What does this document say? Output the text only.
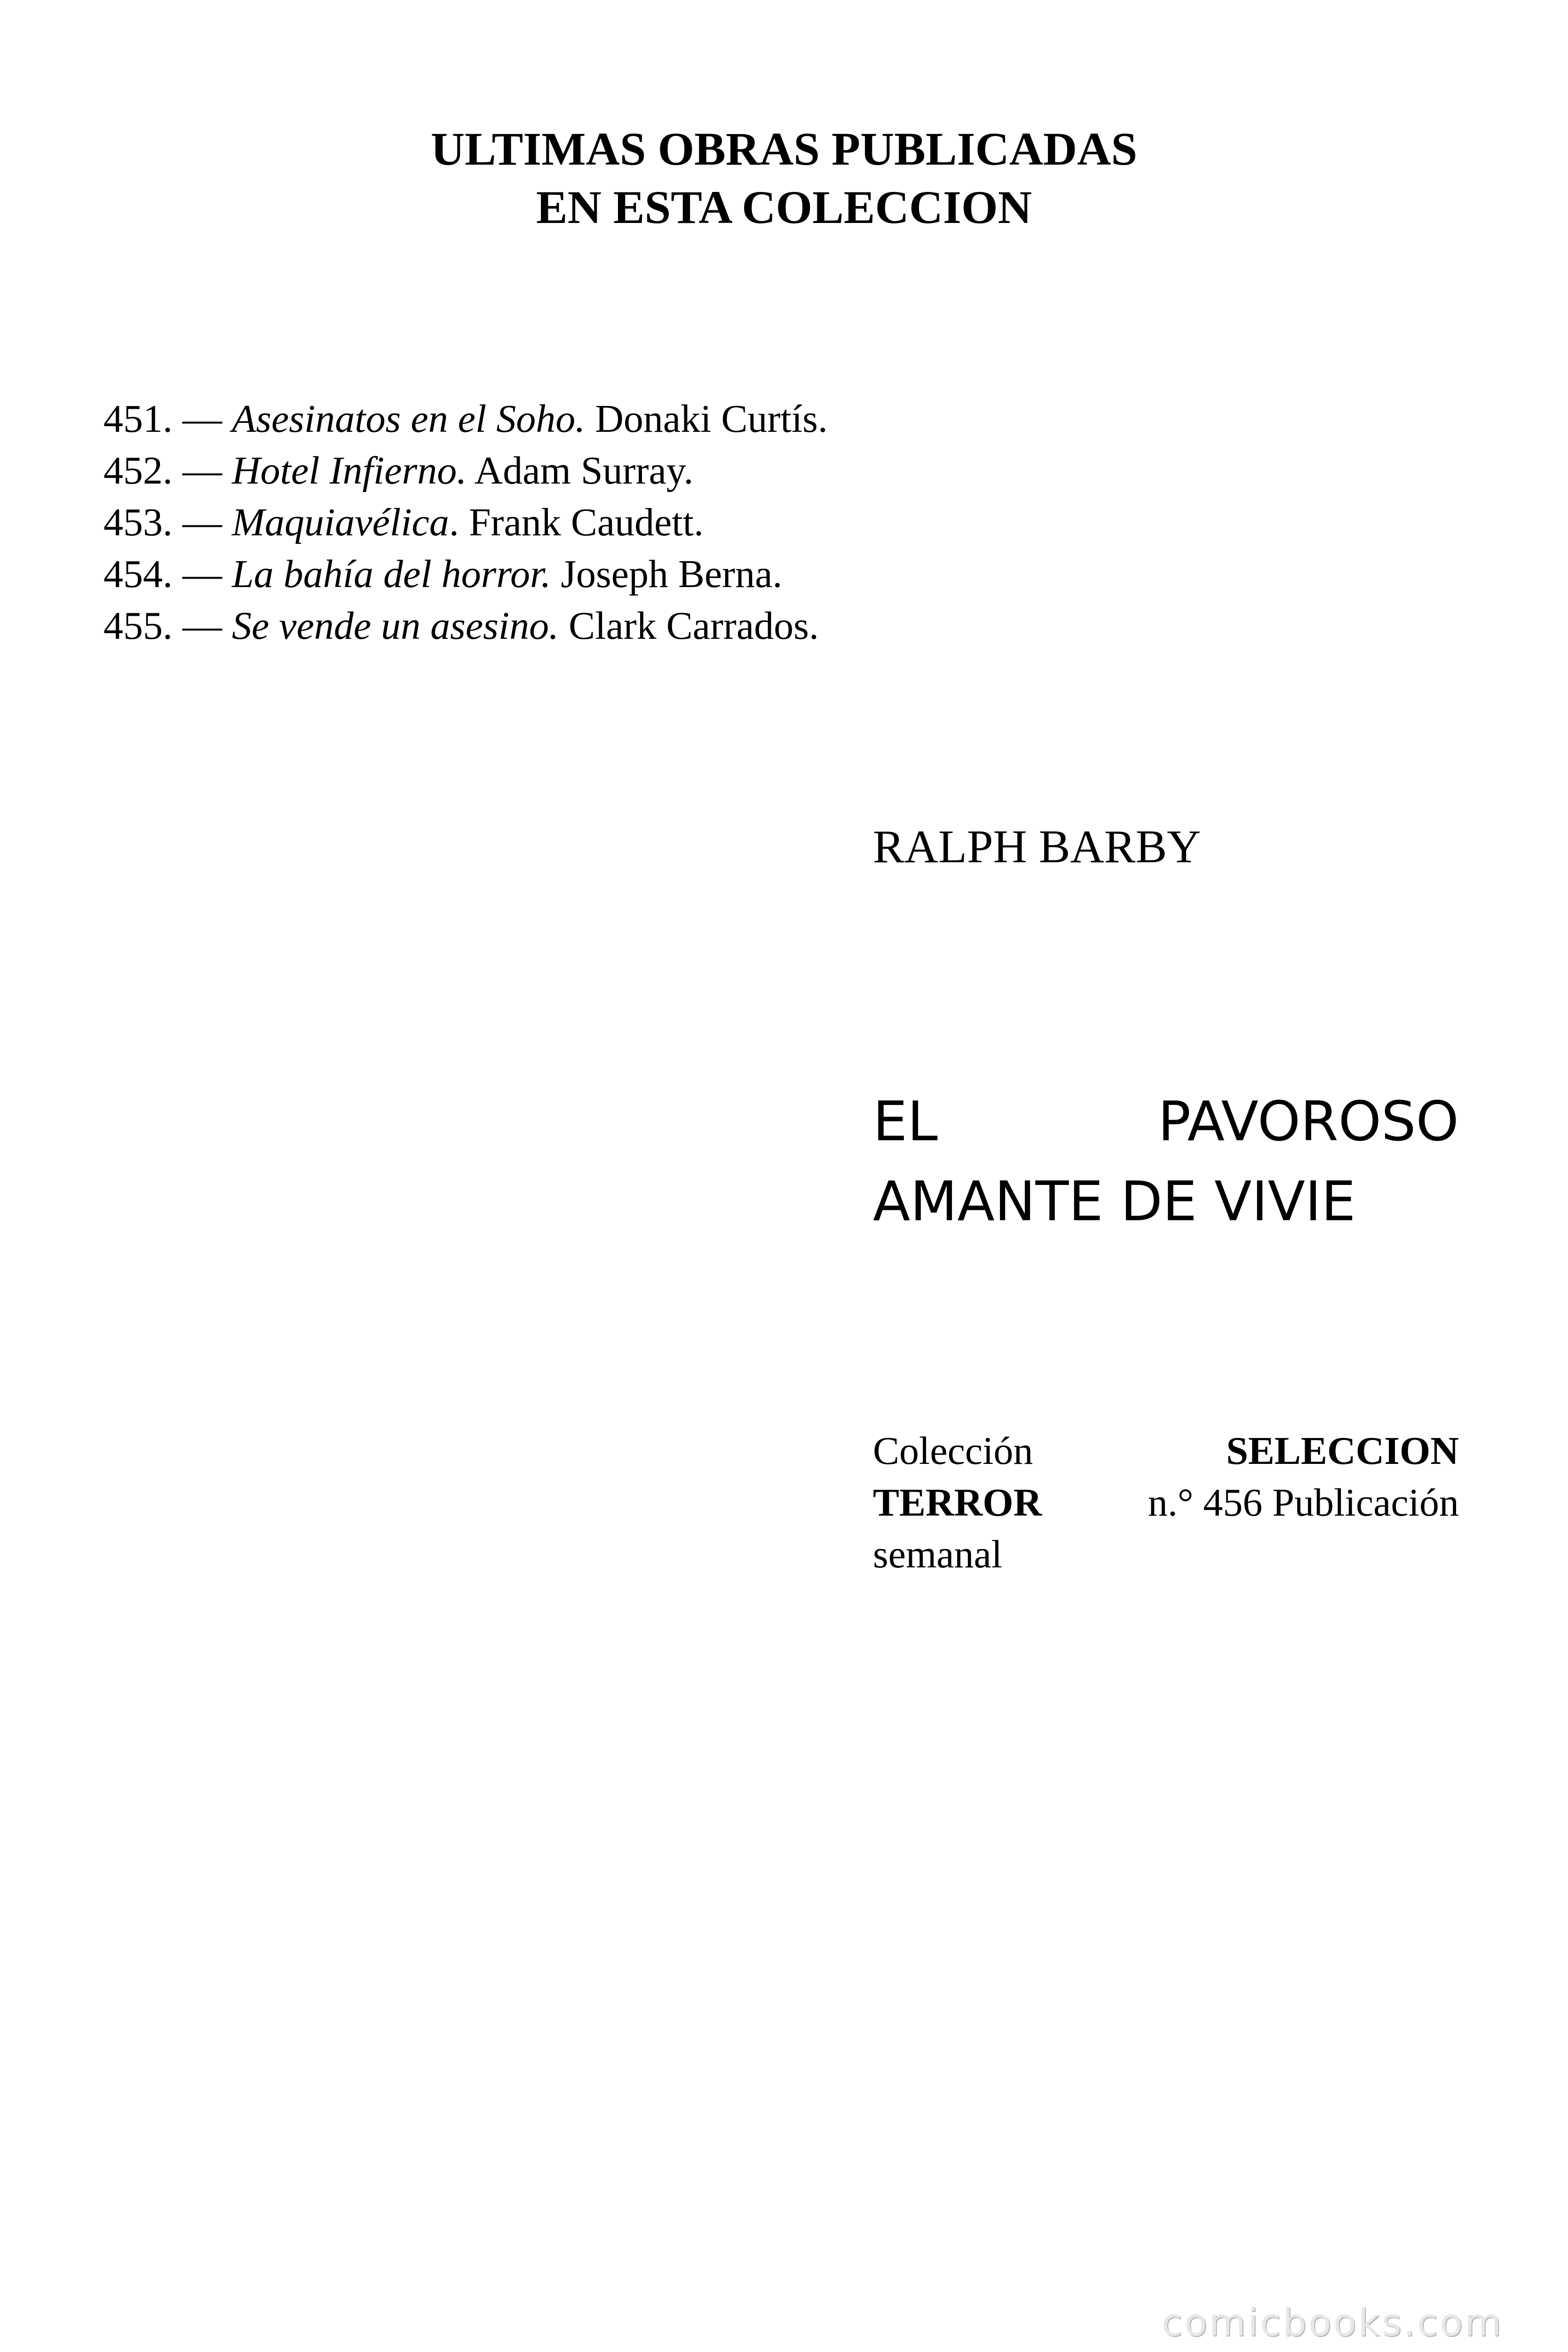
ULTIMAS OBRAS PUBLICADAS
EN ESTA COLECCION
451. — Asesinatos en el Soho. Donaki Curtís.
452. — Hotel Infierno. Adam Surray.
453. — Maquiavélica. Frank Caudett.
454. — La bahía del horror. Joseph Berna.
455. — Se vende un asesino. Clark Carrados.
RALPH BARBY
EL	PAVOROSO
AMANTE DE VIVIE
Colección	SELECCION
TERROR	n.° 456 Publicación
semanal
comicbooks.com
